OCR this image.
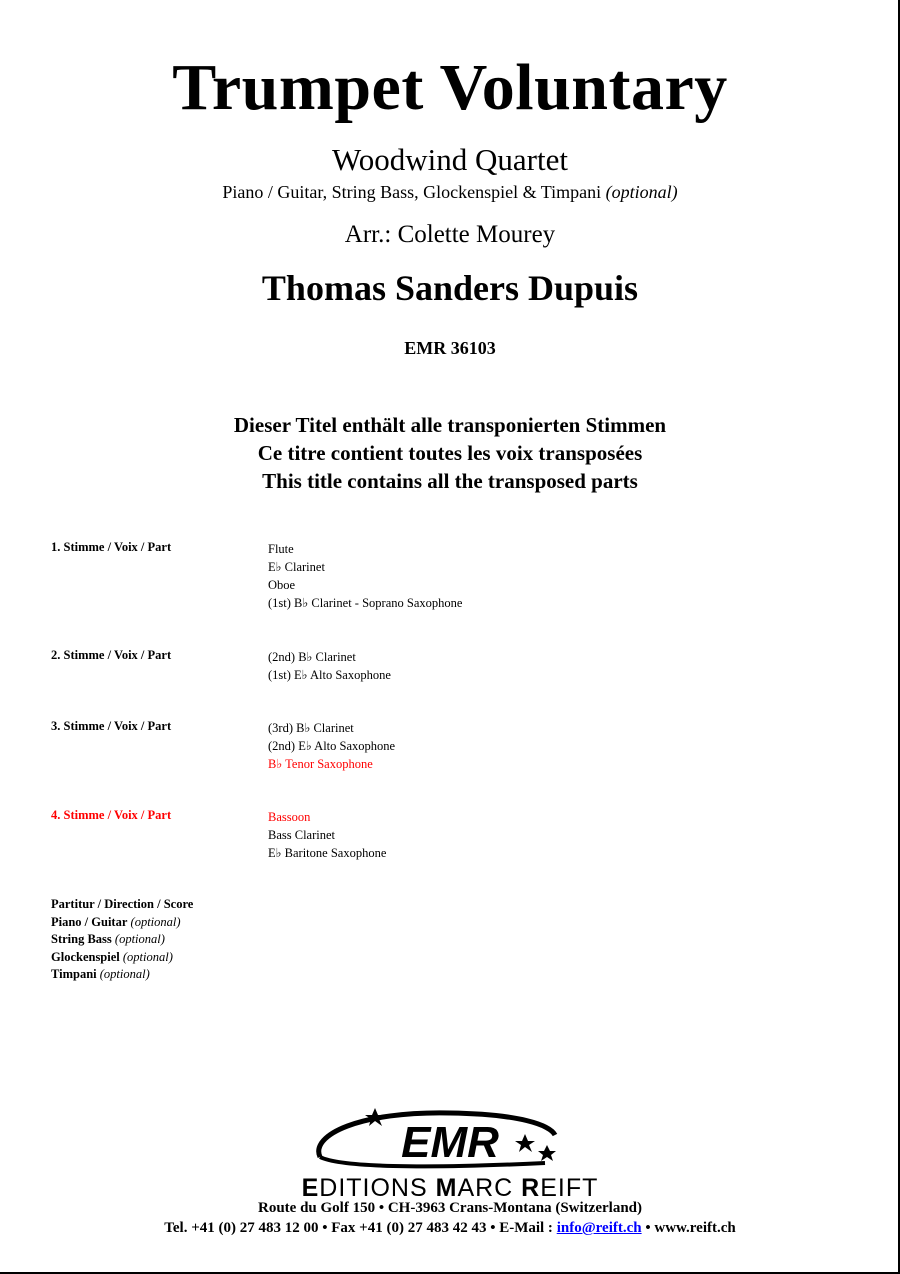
Trumpet Voluntary
Woodwind Quartet
Piano / Guitar, String Bass, Glockenspiel & Timpani (optional)
Arr.: Colette Mourey
Thomas Sanders Dupuis
EMR 36103
Dieser Titel enthält alle transponierten Stimmen
Ce titre contient toutes les voix transposées
This title contains all the transposed parts
1. Stimme / Voix / Part	Flute
E♭ Clarinet
Oboe
(1st) B♭ Clarinet - Soprano Saxophone
2. Stimme / Voix / Part	(2nd) B♭ Clarinet
(1st) E♭ Alto Saxophone
3. Stimme / Voix / Part	(3rd) B♭ Clarinet
(2nd) E♭ Alto Saxophone
B♭ Tenor Saxophone
4. Stimme / Voix / Part	Bassoon
Bass Clarinet
E♭ Baritone Saxophone
Partitur / Direction / Score
Piano / Guitar (optional)
String Bass (optional)
Glockenspiel (optional)
Timpani (optional)
EMR
EDITIONS MARC REIFT
Route du Golf 150 • CH-3963 Crans-Montana (Switzerland)
Tel. +41 (0) 27 483 12 00 • Fax +41 (0) 27 483 42 43 • E-Mail : info@reift.ch • www.reift.ch
